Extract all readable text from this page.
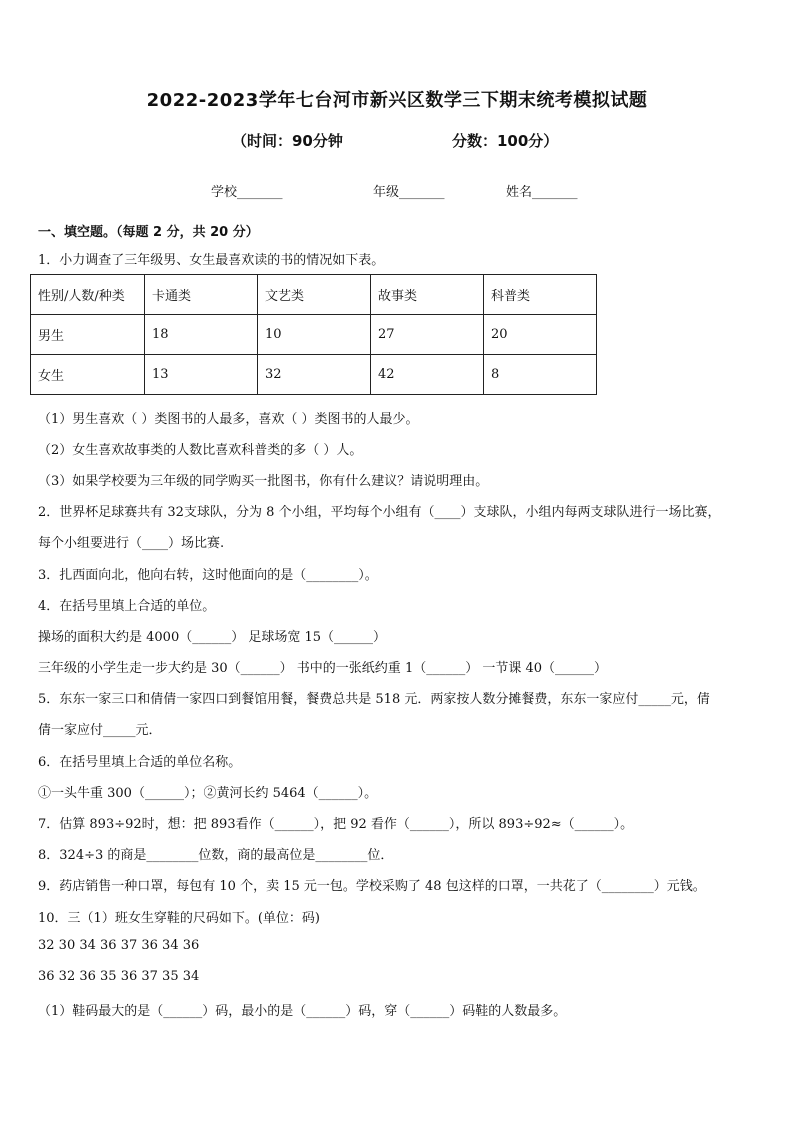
2022-2023学年七台河市新兴区数学三下期末统考模拟试题
（时间：90分钟	分数：100分）
学校_______	年级_______	姓名_______
一、填空题。（每题 2 分，共 20 分）
1．小力调查了三年级男、女生最喜欢读的书的情况如下表。
性别/人数/种类	卡通类	文艺类	故事类	科普类
男生	18	10	27	20
女生	13	32	42	8
（1）男生喜欢（ ）类图书的人最多，喜欢（ ）类图书的人最少。
（2）女生喜欢故事类的人数比喜欢科普类的多（ ）人。
（3）如果学校要为三年级的同学购买一批图书，你有什么建议？请说明理由。
2．世界杯足球赛共有 32支球队，分为 8 个小组，平均每个小组有（____）支球队，小组内每两支球队进行一场比赛，
每个小组要进行（____）场比赛.
3．扎西面向北，他向右转，这时他面向的是（________）。
4．在括号里填上合适的单位。
操场的面积大约是 4000（______） 足球场宽 15（______）
三年级的小学生走一步大约是 30（______） 书中的一张纸约重 1（______） 一节课 40（______）
5．东东一家三口和倩倩一家四口到餐馆用餐，餐费总共是 518 元．两家按人数分摊餐费，东东一家应付_____元，倩
倩一家应付_____元．
6．在括号里填上合适的单位名称。
①一头牛重 300（______）；②黄河长约 5464（______）。
7．估算 893÷92时，想：把 893看作（______），把 92 看作（______），所以 893÷92≈（______）。
8．324÷3 的商是________位数，商的最高位是________位．
9．药店销售一种口罩，每包有 10 个，卖 15 元一包。学校采购了 48 包这样的口罩，一共花了（________）元钱。
10．三（1）班女生穿鞋的尺码如下。(单位：码)
32 30 34 36 37 36 34 36
36 32 36 35 36 37 35 34
（1）鞋码最大的是（______）码，最小的是（______）码，穿（______）码鞋的人数最多。
